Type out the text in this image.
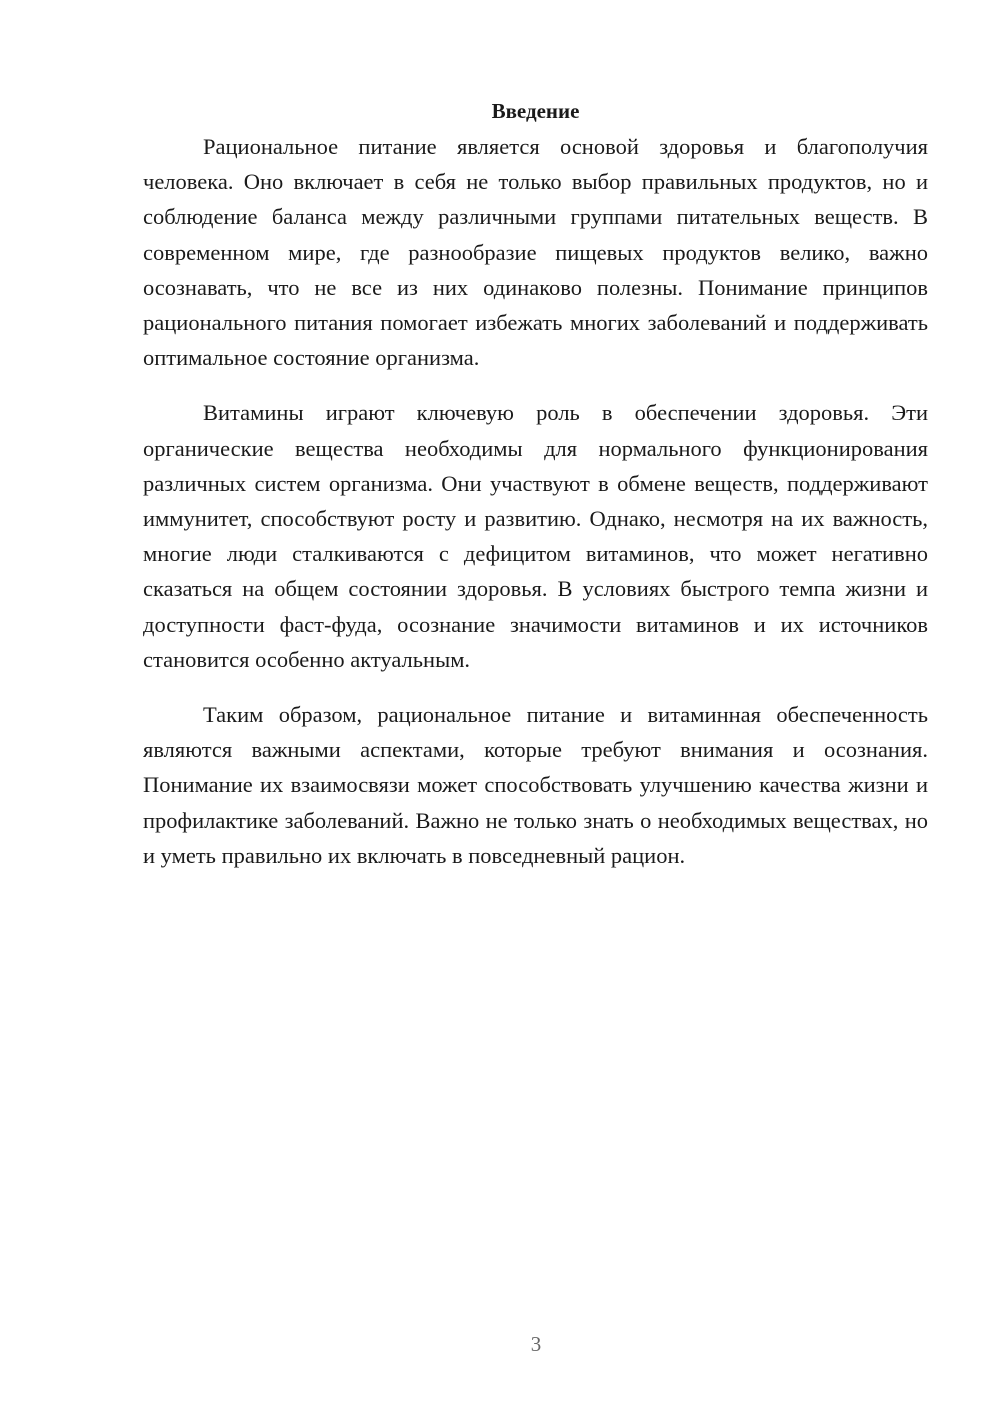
Введение

Рациональное питание является основой здоровья и благополучия человека. Оно включает в себя не только выбор правильных продуктов, но и соблюдение баланса между различными группами питательных веществ. В современном мире, где разнообразие пищевых продуктов велико, важно осознавать, что не все из них одинаково полезны. Понимание принципов рационального питания помогает избежать многих заболеваний и поддерживать оптимальное состояние организма.

Витамины играют ключевую роль в обеспечении здоровья. Эти органические вещества необходимы для нормального функционирования различных систем организма. Они участвуют в обмене веществ, поддерживают иммунитет, способствуют росту и развитию. Однако, несмотря на их важность, многие люди сталкиваются с дефицитом витаминов, что может негативно сказаться на общем состоянии здоровья. В условиях быстрого темпа жизни и доступности фаст-фуда, осознание значимости витаминов и их источников становится особенно актуальным.

Таким образом, рациональное питание и витаминная обеспеченность являются важными аспектами, которые требуют внимания и осознания. Понимание их взаимосвязи может способствовать улучшению качества жизни и профилактике заболеваний. Важно не только знать о необходимых веществах, но и уметь правильно их включать в повседневный рацион.

3
